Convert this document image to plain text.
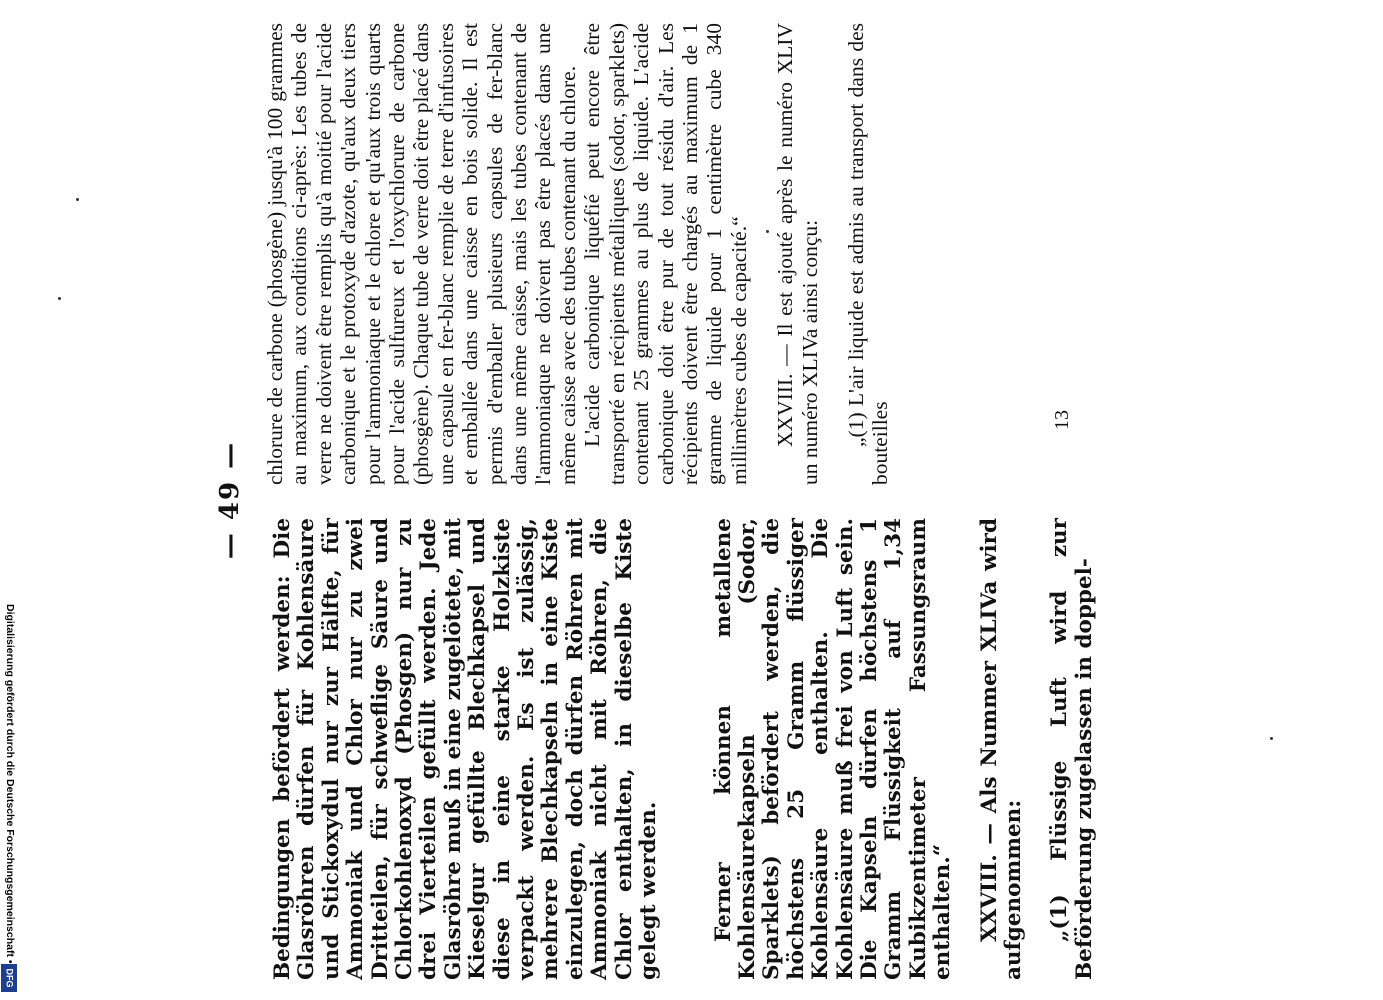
— 49 —

Bedingungen befördert werden: Die Glasröhren dürfen für Kohlensäure und Stickoxydul nur zur Hälfte, für Ammoniak und Chlor nur zu zwei Dritteilen, für schweflige Säure und Chlorkohlenoxyd (Phosgen) nur zu drei Vierteilen gefüllt werden. Jede Glasröhre muß in eine zugelötete, mit Kieselgur gefüllte Blechkapsel und diese in eine starke Holzkiste verpackt werden. Es ist zulässig, mehrere Blechkapseln in eine Kiste einzulegen, doch dürfen Röhren mit Ammoniak nicht mit Röhren, die Chlor enthalten, in dieselbe Kiste gelegt werden. Ferner können metallene Kohlensäurekapseln (Sodor, Sparklets) befördert werden, die höchstens 25 Gramm flüssiger Kohlensäure enthalten. Die Kohlensäure muß frei von Luft sein. Die Kapseln dürfen höchstens 1 Gramm Flüssigkeit auf 1,34 Kubikzentimeter Fassungsraum enthalten.“ XXVIII. — Als Nummer XLIVa wird aufgenommen: „(1) Flüssige Luft wird zur Beförderung zugelassen in doppel-

chlorure de carbone (phosgène) jusqu'à 100 grammes au maximum, aux conditions ci-après: Les tubes de verre ne doivent être remplis qu'à moitié pour l'acide carbonique et le protoxyde d'azote, qu'aux deux tiers pour l'ammoniaque et le chlore et qu'aux trois quarts pour l'acide sulfureux et l'oxychlorure de carbone (phosgène). Chaque tube de verre doit être placé dans une capsule en fer-blanc remplie de terre d'infusoires et emballée dans une caisse en bois solide. Il est permis d'emballer plusieurs capsules de fer-blanc dans une même caisse, mais les tubes contenant de l'ammoniaque ne doivent pas être placés dans une même caisse avec des tubes contenant du chlore. L'acide carbonique liquéfié peut encore être transporté en récipients métalliques (sodor, sparklets) contenant 25 grammes au plus de liquide. L'acide carbonique doit être pur de tout résidu d'air. Les récipients doivent être chargés au maximum de 1 gramme de liquide pour 1 centimètre cube 340 millimètres cubes de capacité.“ XXVIII. — Il est ajouté après le numéro XLIV un numéro XLIVa ainsi conçu: „(1) L'air liquide est admis au transport dans des bouteilles	13
Digitalisierung gefördert durch die Deutsche Forschungsgemeinschaft •
DFG
